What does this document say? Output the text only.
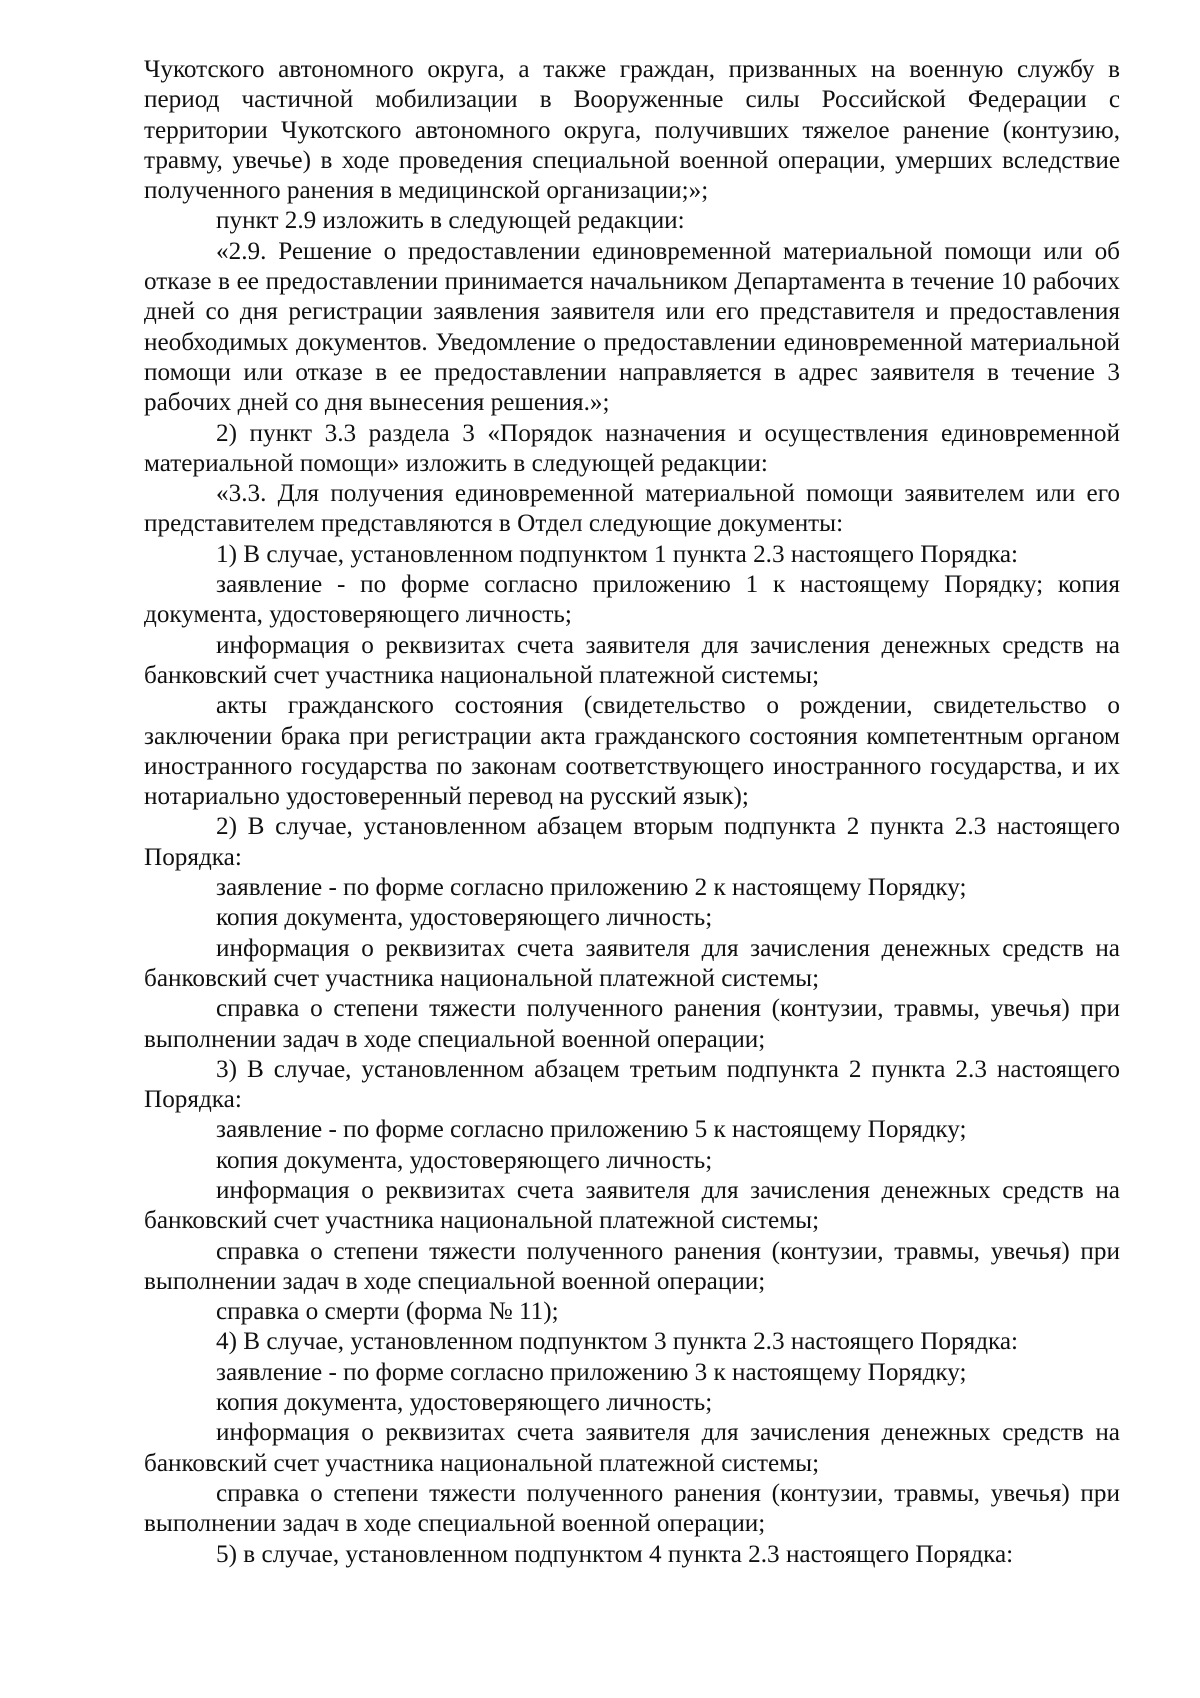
Чукотского автономного округа, а также граждан, призванных на военную службу в период частичной мобилизации в Вооруженные силы Российской Федерации с территории Чукотского автономного округа, получивших тяжелое ранение (контузию, травму, увечье) в ходе проведения специальной военной операции, умерших вследствие полученного ранения в медицинской организации;»;

пункт 2.9 изложить в следующей редакции:

«2.9. Решение о предоставлении единовременной материальной помощи или об отказе в ее предоставлении принимается начальником Департамента в течение 10 рабочих дней со дня регистрации заявления заявителя или его представителя и предоставления необходимых документов. Уведомление о предоставлении единовременной материальной помощи или отказе в ее предоставлении направляется в адрес заявителя в течение 3 рабочих дней со дня вынесения решения.»;

2) пункт 3.3 раздела 3 «Порядок назначения и осуществления единовременной материальной помощи» изложить в следующей редакции:

«3.3. Для получения единовременной материальной помощи заявителем или его представителем представляются в Отдел следующие документы:

1) В случае, установленном подпунктом 1 пункта 2.3 настоящего Порядка:

заявление - по форме согласно приложению 1 к настоящему Порядку; копия документа, удостоверяющего личность;

информация о реквизитах счета заявителя для зачисления денежных средств на банковский счет участника национальной платежной системы;

акты гражданского состояния (свидетельство о рождении, свидетельство о заключении брака при регистрации акта гражданского состояния компетентным органом иностранного государства по законам соответствующего иностранного государства, и их нотариально удостоверенный перевод на русский язык);

2) В случае, установленном абзацем вторым подпункта 2 пункта 2.3 настоящего Порядка:

заявление - по форме согласно приложению 2 к настоящему Порядку;

копия документа, удостоверяющего личность;

информация о реквизитах счета заявителя для зачисления денежных средств на банковский счет участника национальной платежной системы;

справка о степени тяжести полученного ранения (контузии, травмы, увечья) при выполнении задач в ходе специальной военной операции;

3) В случае, установленном абзацем третьим подпункта 2 пункта 2.3 настоящего Порядка:

заявление - по форме согласно приложению 5 к настоящему Порядку;

копия документа, удостоверяющего личность;

информация о реквизитах счета заявителя для зачисления денежных средств на банковский счет участника национальной платежной системы;

справка о степени тяжести полученного ранения (контузии, травмы, увечья) при выполнении задач в ходе специальной военной операции;

справка о смерти (форма № 11);

4) В случае, установленном подпунктом 3 пункта 2.3 настоящего Порядка:

заявление - по форме согласно приложению 3 к настоящему Порядку;

копия документа, удостоверяющего личность;

информация о реквизитах счета заявителя для зачисления денежных средств на банковский счет участника национальной платежной системы;

справка о степени тяжести полученного ранения (контузии, травмы, увечья) при выполнении задач в ходе специальной военной операции;

5) в случае, установленном подпунктом 4 пункта 2.3 настоящего Порядка:
